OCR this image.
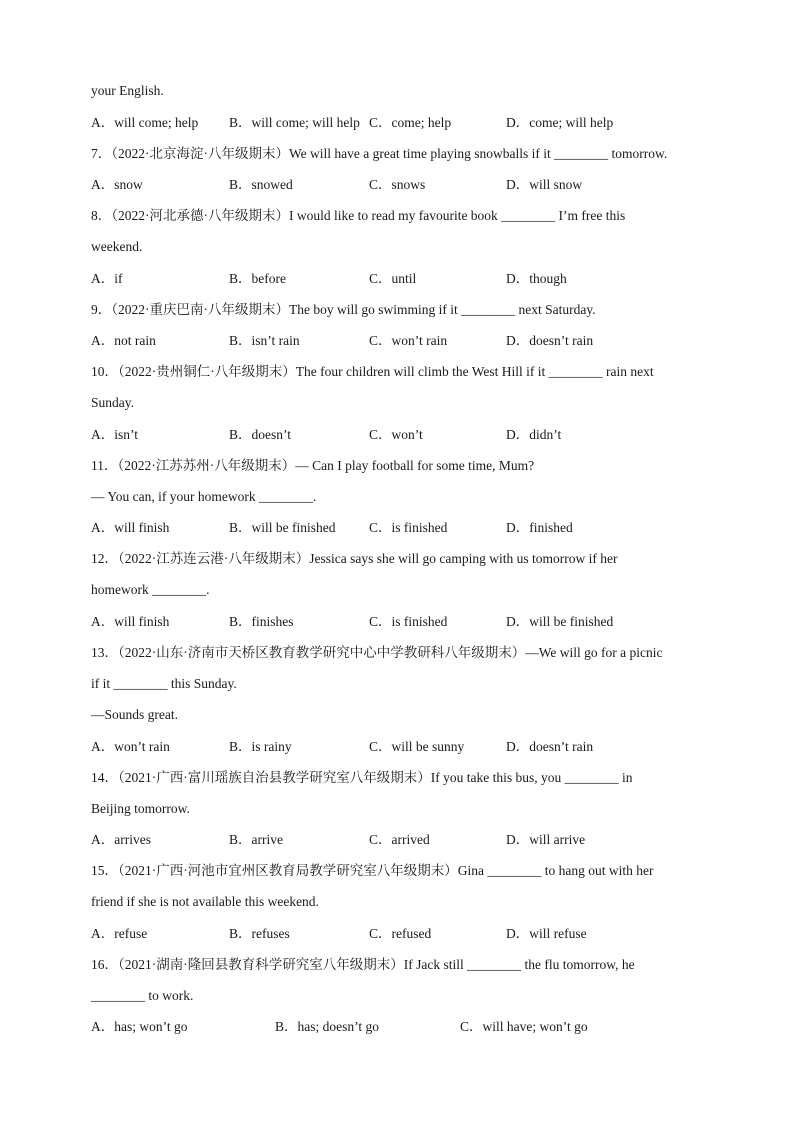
your English.
A．will come; help B．will come; will help C．come; help	D．come; will help
7．（2022·北京海淀·八年级期末）We will have a great time playing snowballs if it ________ tomorrow.
A．snow	B．snowed	C．snows	D．will snow
8．（2022·河北承德·八年级期末）I would like to read my favourite book ________ I’m free this
weekend.
A．if	B．before	C．until	D．though
9．（2022·重庆巴南·八年级期末）The boy will go swimming if it ________ next Saturday.
A．not rain	B．isn’t rain	C．won’t rain	D．doesn’t rain
10．（2022·贵州铜仁·八年级期末）The four children will climb the West Hill if it ________ rain next
Sunday.
A．isn’t	B．doesn’t	C．won’t	D．didn’t
11．（2022·江苏苏州·八年级期末）— Can I play football for some time, Mum?
— You can, if your homework ________.
A．will finish	B．will be finished C．is finished	D．finished
12．（2022·江苏连云港·八年级期末）Jessica says she will go camping with us tomorrow if her
homework ________.
A．will finish	B．finishes	C．is finished	D．will be finished
13．（2022·山东·济南市天桥区教育教学研究中心中学教研科八年级期末）—We will go for a picnic
if it ________ this Sunday.
—Sounds great.
A．won’t rain	B．is rainy	C．will be sunny	D．doesn’t rain
14．（2021·广西·富川瑶族自治县教学研究室八年级期末）If you take this bus, you ________ in
Beijing tomorrow.
A．arrives	B．arrive	C．arrived	D．will arrive
15．（2021·广西·河池市宜州区教育局教学研究室八年级期末）Gina ________ to hang out with her
friend if she is not available this weekend.
A．refuse	B．refuses	C．refused	D．will refuse
16．（2021·湖南·隆回县教育科学研究室八年级期末）If Jack still ________ the flu tomorrow, he
________ to work.
A．has; won’t go	B．has; doesn’t go	C．will have; won’t go
